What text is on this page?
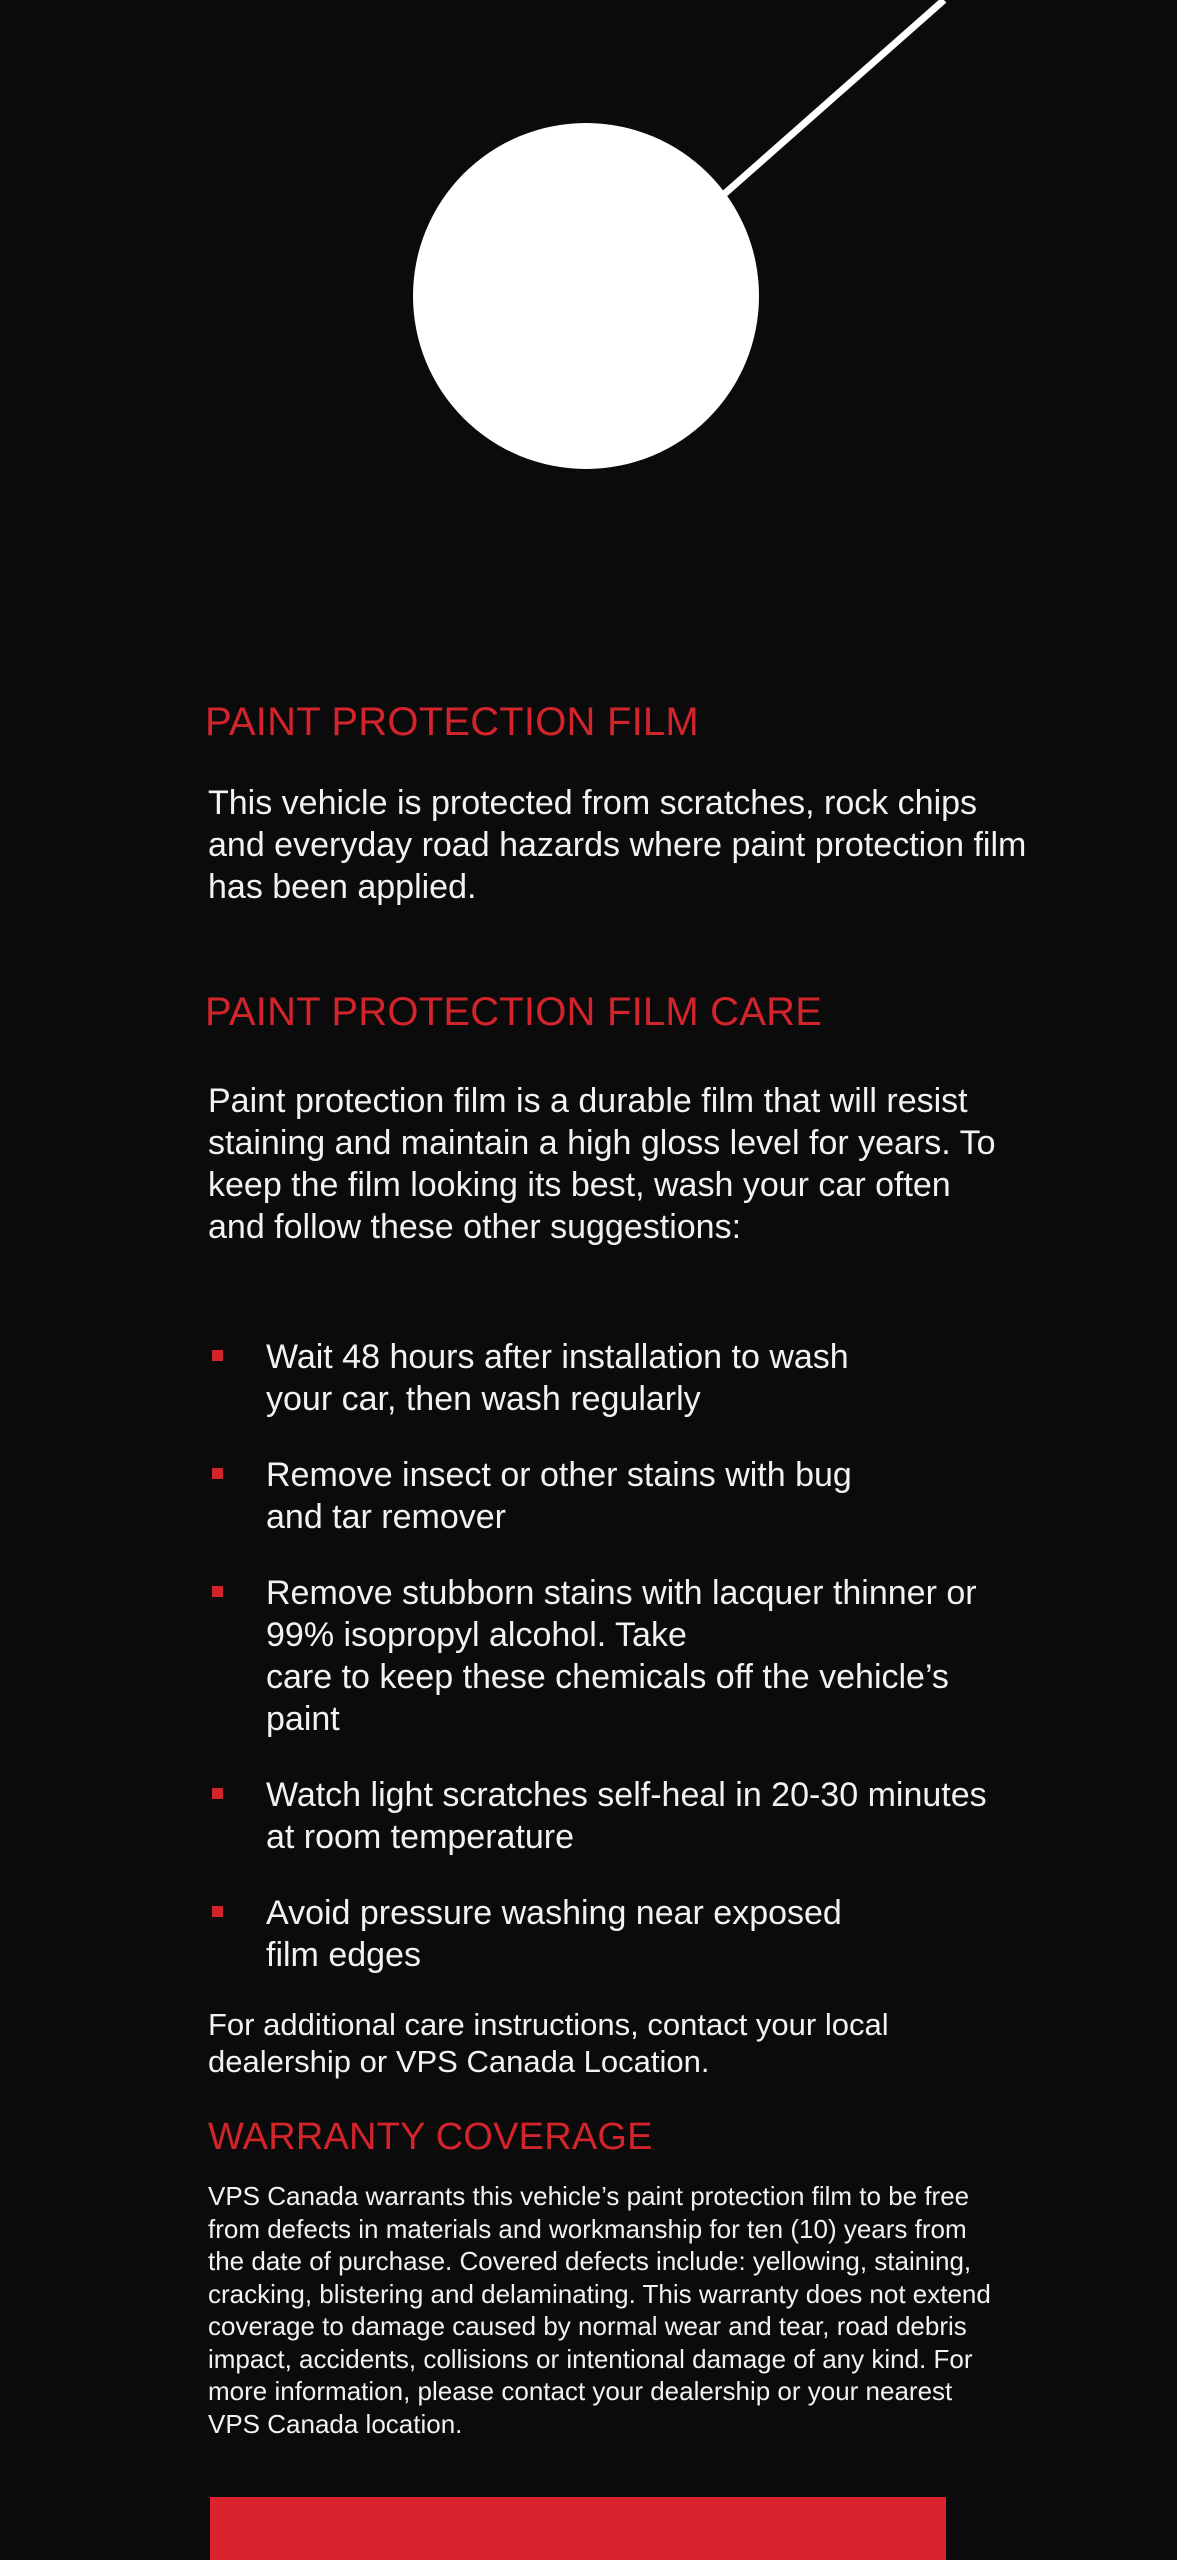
PAINT PROTECTION FILM

This vehicle is protected from scratches, rock chips and everyday road hazards where paint protection film has been applied.

PAINT PROTECTION FILM CARE

Paint protection film is a durable film that will resist staining and maintain a high gloss level for years. To keep the film looking its best, wash your car often and follow these other suggestions:

Wait 48 hours after installation to wash
your car, then wash regularly
Remove insect or other stains with bug
and tar remover
Remove stubborn stains with lacquer thinner or
99% isopropyl alcohol. Take
care to keep these chemicals off the vehicle’s
paint
Watch light scratches self-heal in 20-30 minutes
at room temperature
Avoid pressure washing near exposed
film edges

For additional care instructions, contact your local dealership or VPS Canada Location.

WARRANTY COVERAGE

VPS Canada warrants this vehicle’s paint protection film to be free from defects in materials and workmanship for ten (10) years from the date of purchase. Covered defects include: yellowing, staining, cracking, blistering and delaminating. This warranty does not extend coverage to damage caused by normal wear and tear, road debris impact, accidents, collisions or intentional damage of any kind. For more information, please contact your dealership or your nearest VPS Canada location.
